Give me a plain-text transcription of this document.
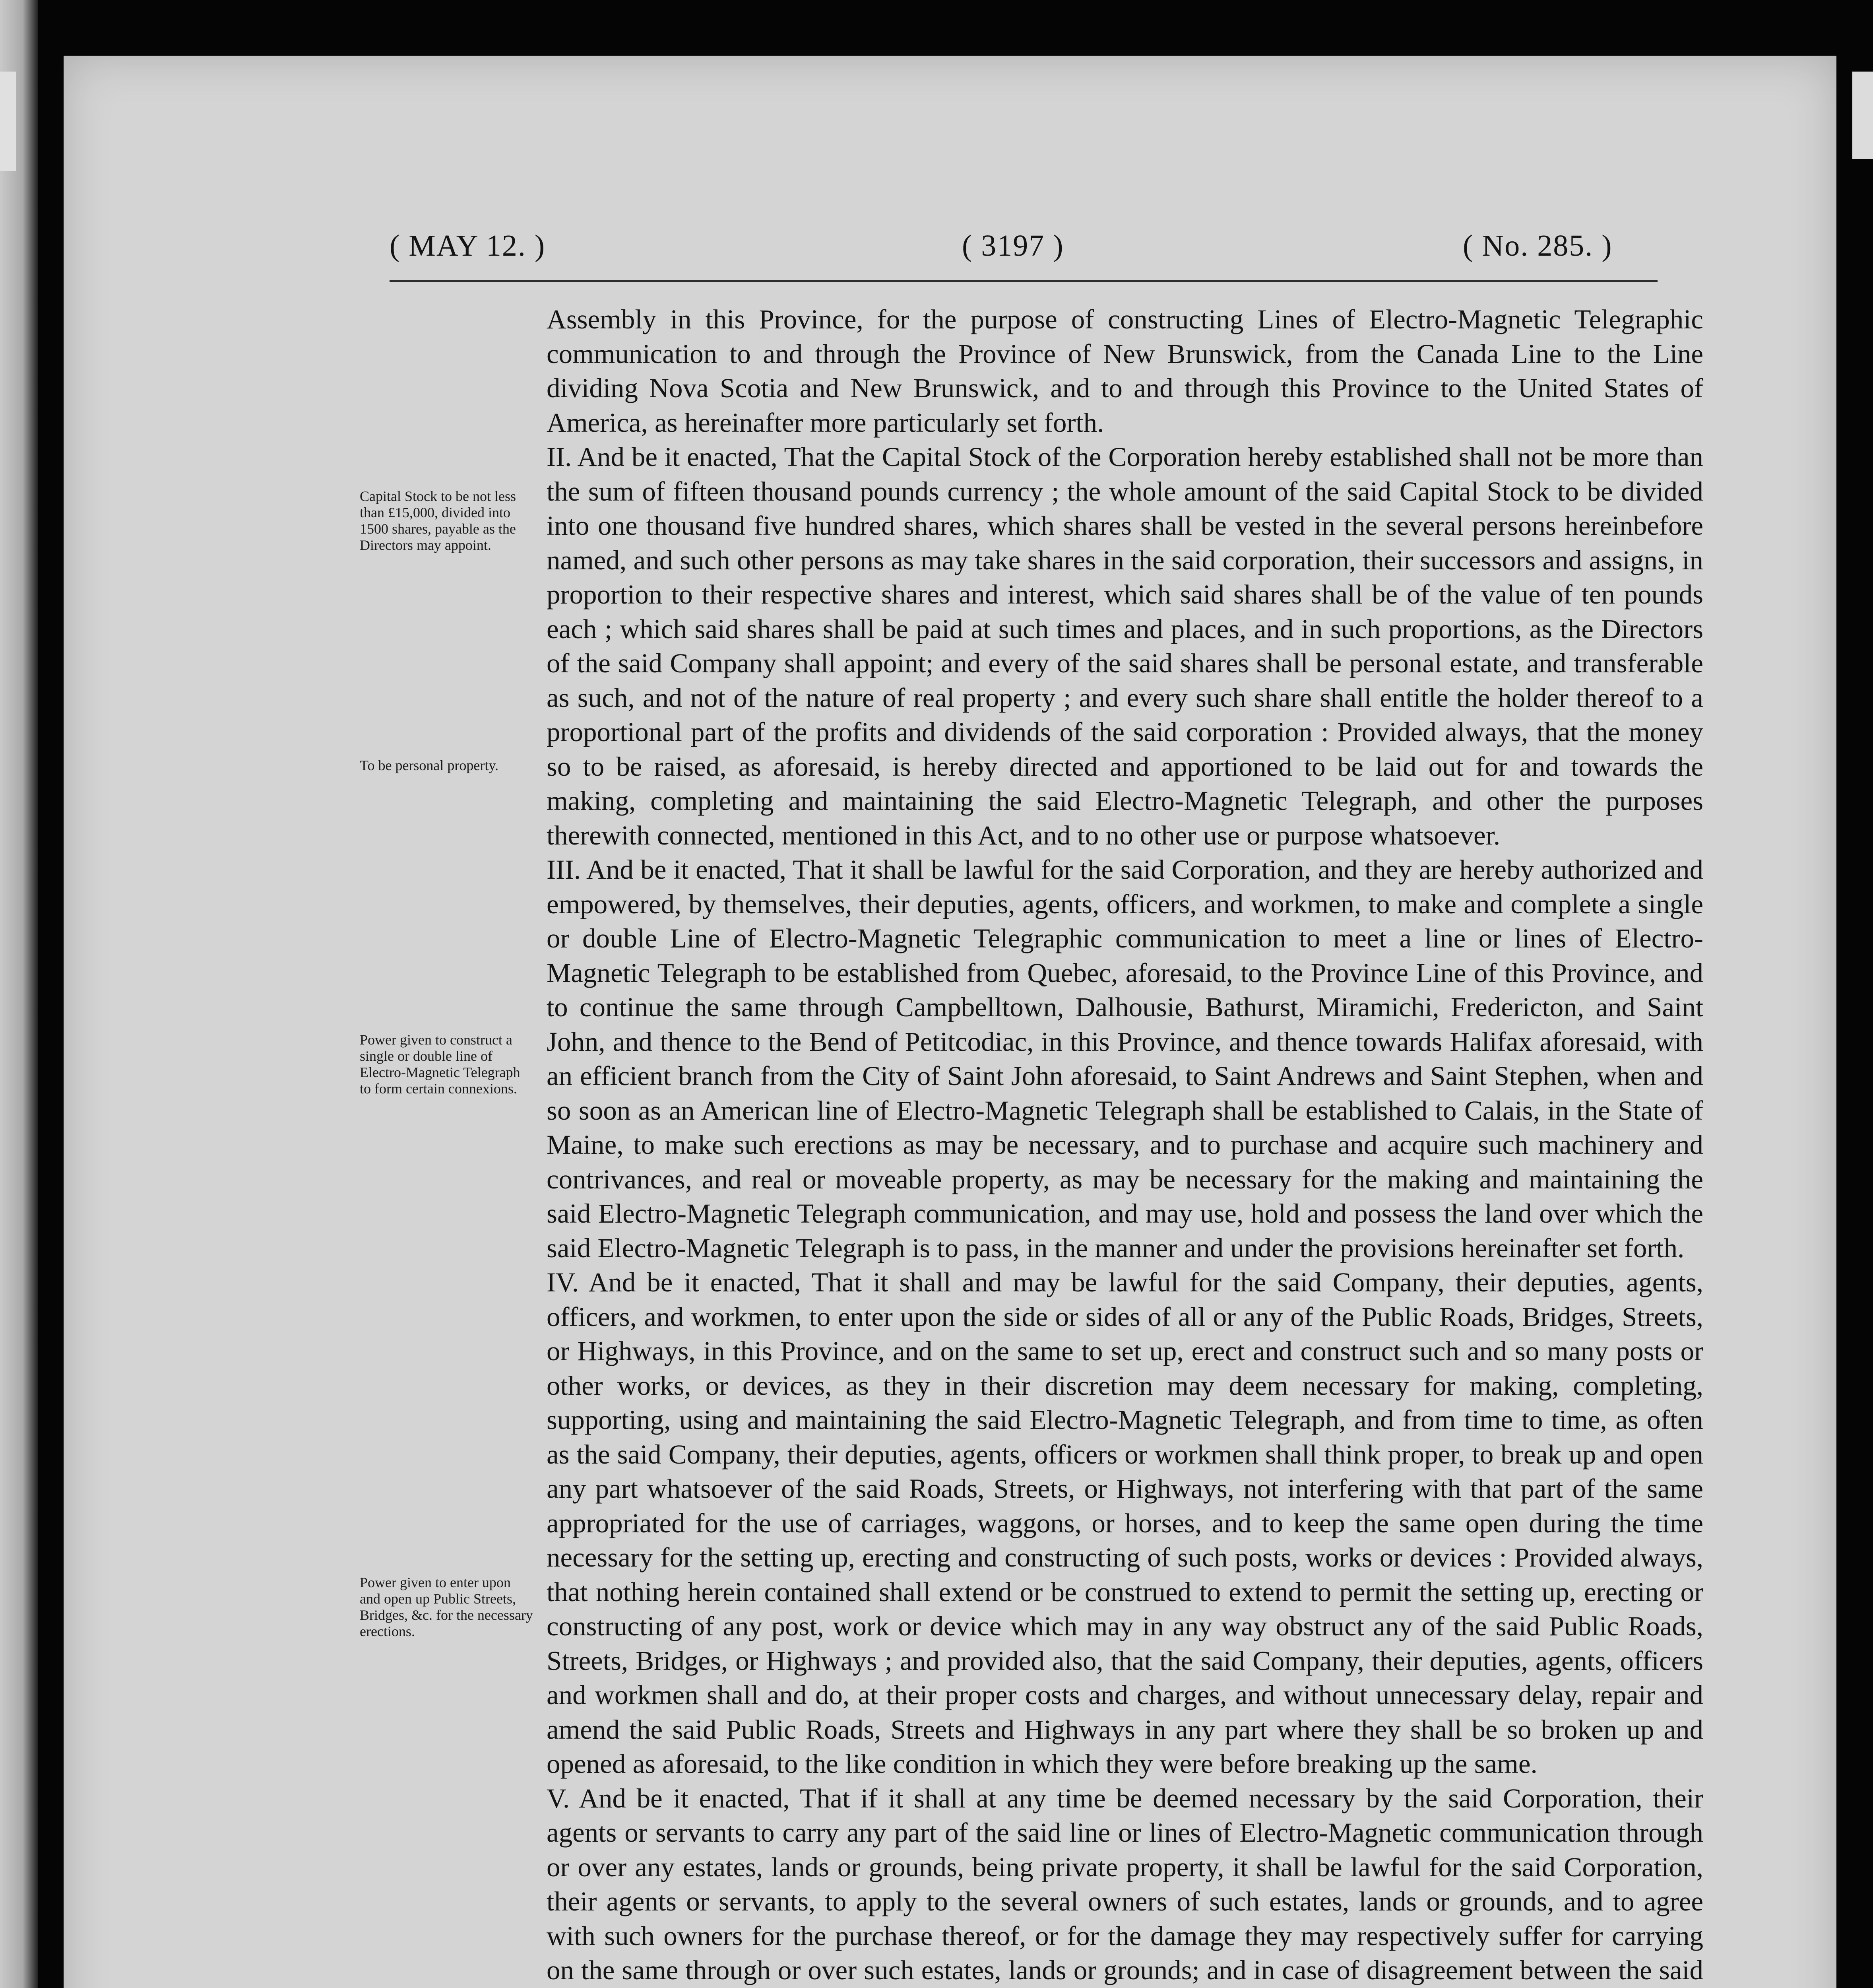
( MAY 12. )	( 3197 )	( No. 285. )
Capital Stock to be not less than £15,000, divided into 1500 shares, payable as the Directors may appoint.
To be personal property.
Power given to construct a single or double line of Electro-Magnetic Telegraph to form certain connexions.
Power given to enter upon and open up Public Streets, Bridges, &c. for the necessary erections.

Assembly in this Province, for the purpose of constructing Lines of Electro-Magnetic Telegraphic communication to and through the Province of New Brunswick, from the Canada Line to the Line dividing Nova Scotia and New Brunswick, and to and through this Province to the United States of America, as hereinafter more particularly set forth.

II. And be it enacted, That the Capital Stock of the Corporation hereby established shall not be more than the sum of fifteen thousand pounds currency ; the whole amount of the said Capital Stock to be divided into one thousand five hundred shares, which shares shall be vested in the several persons hereinbefore named, and such other persons as may take shares in the said corporation, their successors and assigns, in proportion to their respective shares and interest, which said shares shall be of the value of ten pounds each ; which said shares shall be paid at such times and places, and in such proportions, as the Directors of the said Company shall appoint; and every of the said shares shall be personal estate, and transferable as such, and not of the nature of real property ; and every such share shall entitle the holder thereof to a proportional part of the profits and dividends of the said corporation : Provided always, that the money so to be raised, as aforesaid, is hereby directed and apportioned to be laid out for and towards the making, completing and maintaining the said Electro-Magnetic Telegraph, and other the purposes therewith connected, mentioned in this Act, and to no other use or purpose whatsoever.

III. And be it enacted, That it shall be lawful for the said Corporation, and they are hereby authorized and empowered, by themselves, their deputies, agents, officers, and workmen, to make and complete a single or double Line of Electro-Magnetic Telegraphic communication to meet a line or lines of Electro-Magnetic Telegraph to be established from Quebec, aforesaid, to the Province Line of this Province, and to continue the same through Campbelltown, Dalhousie, Bathurst, Miramichi, Fredericton, and Saint John, and thence to the Bend of Petitcodiac, in this Province, and thence towards Halifax aforesaid, with an efficient branch from the City of Saint John aforesaid, to Saint Andrews and Saint Stephen, when and so soon as an American line of Electro-Magnetic Telegraph shall be established to Calais, in the State of Maine, to make such erections as may be necessary, and to purchase and acquire such machinery and contrivances, and real or moveable property, as may be necessary for the making and maintaining the said Electro-Magnetic Telegraph communication, and may use, hold and possess the land over which the said Electro-Magnetic Telegraph is to pass, in the manner and under the provisions hereinafter set forth.

IV. And be it enacted, That it shall and may be lawful for the said Company, their deputies, agents, officers, and workmen, to enter upon the side or sides of all or any of the Public Roads, Bridges, Streets, or Highways, in this Province, and on the same to set up, erect and construct such and so many posts or other works, or devices, as they in their discretion may deem necessary for making, completing, supporting, using and maintaining the said Electro-Magnetic Telegraph, and from time to time, as often as the said Company, their deputies, agents, officers or workmen shall think proper, to break up and open any part whatsoever of the said Roads, Streets, or Highways, not interfering with that part of the same appropriated for the use of carriages, waggons, or horses, and to keep the same open during the time necessary for the setting up, erecting and constructing of such posts, works or devices : Provided always, that nothing herein contained shall extend or be construed to extend to permit the setting up, erecting or constructing of any post, work or device which may in any way obstruct any of the said Public Roads, Streets, Bridges, or Highways ; and provided also, that the said Company, their deputies, agents, officers and workmen shall and do, at their proper costs and charges, and without unnecessary delay, repair and amend the said Public Roads, Streets and Highways in any part where they shall be so broken up and opened as aforesaid, to the like condition in which they were before breaking up the same.

V. And be it enacted, That if it shall at any time be deemed necessary by the said Corporation, their agents or servants to carry any part of the said line or lines of Electro-Magnetic communication through or over any estates, lands or grounds, being private property, it shall be lawful for the said Corporation, their agents or servants, to apply to the several owners of such estates, lands or grounds, and to agree with such owners for the purchase thereof, or for the damage they may respectively suffer for carrying on the same through or over such estates, lands or grounds; and in case of disagreement between the said
